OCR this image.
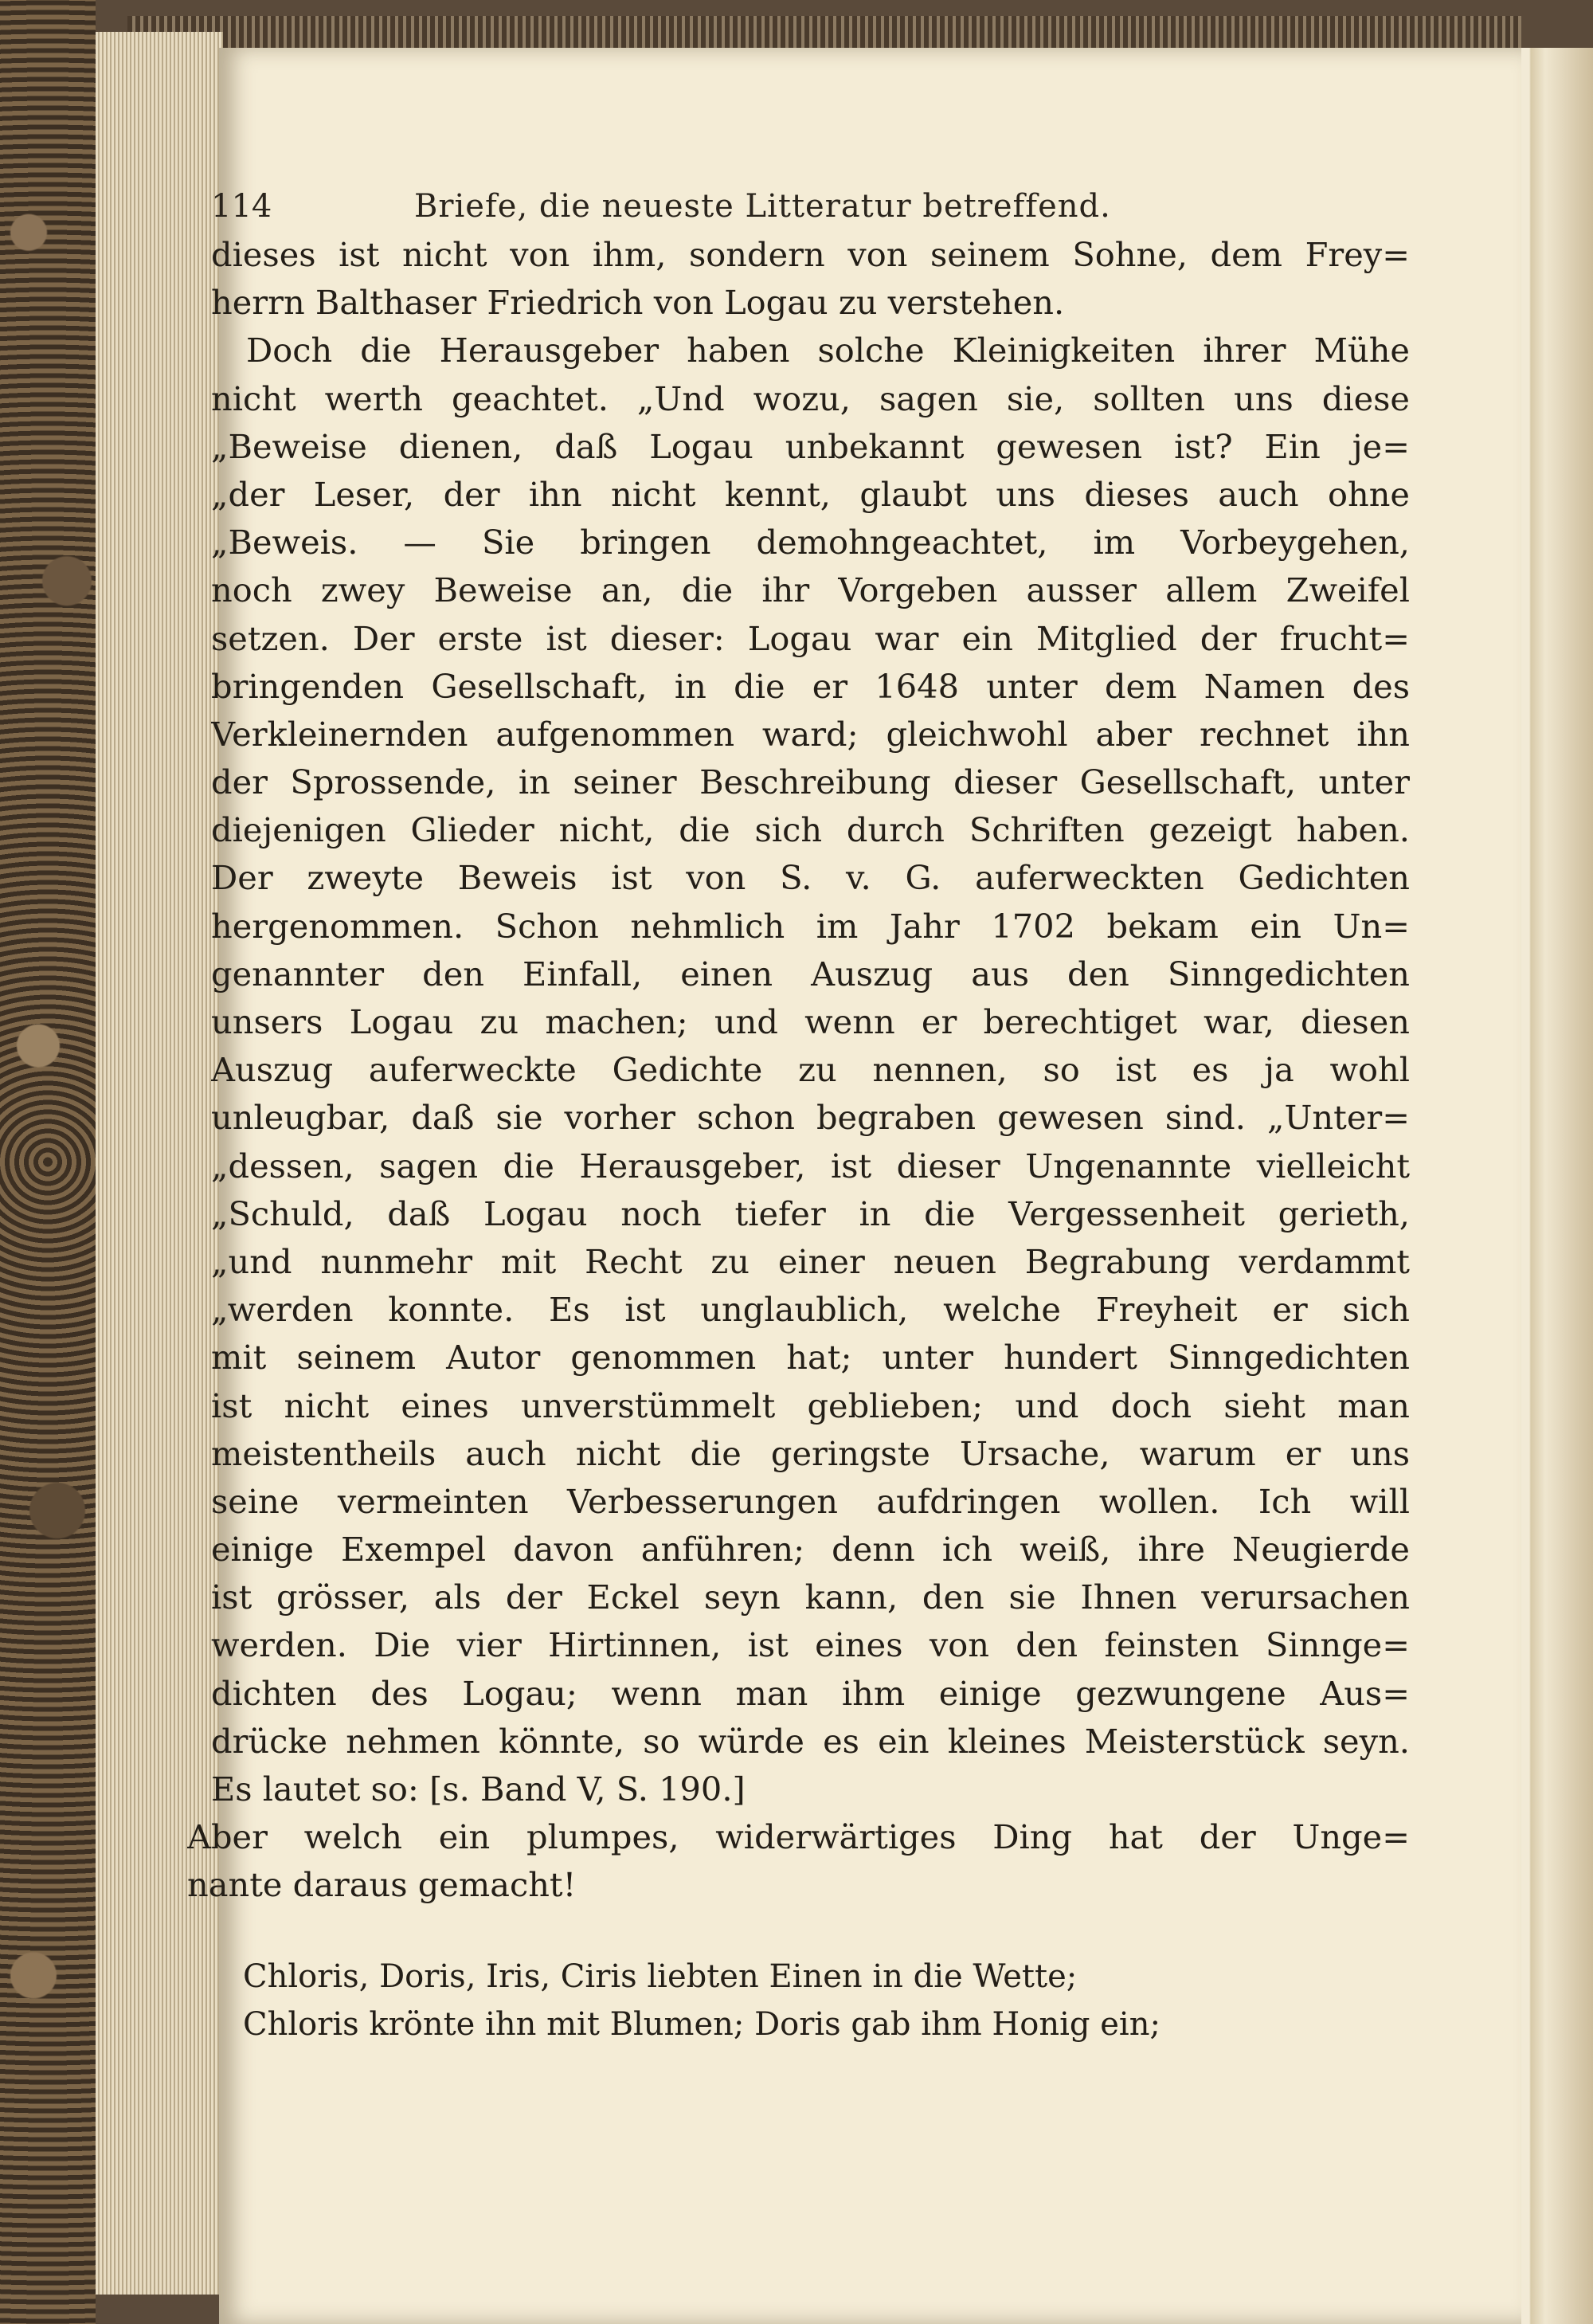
114	Briefe, die neueste Litteratur betreffend.
dieses ist nicht von ihm, sondern von seinem Sohne, dem Frey=
herrn Balthaser Friedrich von Logau zu verstehen.
Doch die Herausgeber haben solche Kleinigkeiten ihrer Mühe
nicht werth geachtet. „Und wozu, sagen sie, sollten uns diese
„Beweise dienen, daß Logau unbekannt gewesen ist? Ein je=
„der Leser, der ihn nicht kennt, glaubt uns dieses auch ohne
„Beweis. — Sie bringen demohngeachtet, im Vorbeygehen,
noch zwey Beweise an, die ihr Vorgeben ausser allem Zweifel
setzen. Der erste ist dieser: Logau war ein Mitglied der frucht=
bringenden Gesellschaft, in die er 1648 unter dem Namen des
Verkleinernden aufgenommen ward; gleichwohl aber rechnet ihn
der Sprossende, in seiner Beschreibung dieser Gesellschaft, unter
diejenigen Glieder nicht, die sich durch Schriften gezeigt haben.
Der zweyte Beweis ist von S. v. G. auferweckten Gedichten
hergenommen. Schon nehmlich im Jahr 1702 bekam ein Un=
genannter den Einfall, einen Auszug aus den Sinngedichten
unsers Logau zu machen; und wenn er berechtiget war, diesen
Auszug auferweckte Gedichte zu nennen, so ist es ja wohl
unleugbar, daß sie vorher schon begraben gewesen sind. „Unter=
„dessen, sagen die Herausgeber, ist dieser Ungenannte vielleicht
„Schuld, daß Logau noch tiefer in die Vergessenheit gerieth,
„und nunmehr mit Recht zu einer neuen Begrabung verdammt
„werden konnte. Es ist unglaublich, welche Freyheit er sich
mit seinem Autor genommen hat; unter hundert Sinngedichten
ist nicht eines unverstümmelt geblieben; und doch sieht man
meistentheils auch nicht die geringste Ursache, warum er uns
seine vermeinten Verbesserungen aufdringen wollen. Ich will
einige Exempel davon anführen; denn ich weiß, ihre Neugierde
ist grösser, als der Eckel seyn kann, den sie Ihnen verursachen
werden. Die vier Hirtinnen, ist eines von den feinsten Sinnge=
dichten des Logau; wenn man ihm einige gezwungene Aus=
drücke nehmen könnte, so würde es ein kleines Meisterstück seyn.
Es lautet so: [s. Band V, S. 190.]
Aber welch ein plumpes, widerwärtiges Ding hat der Unge=
nante daraus gemacht!
Chloris, Doris, Iris, Ciris liebten Einen in die Wette;
Chloris krönte ihn mit Blumen; Doris gab ihm Honig ein;
